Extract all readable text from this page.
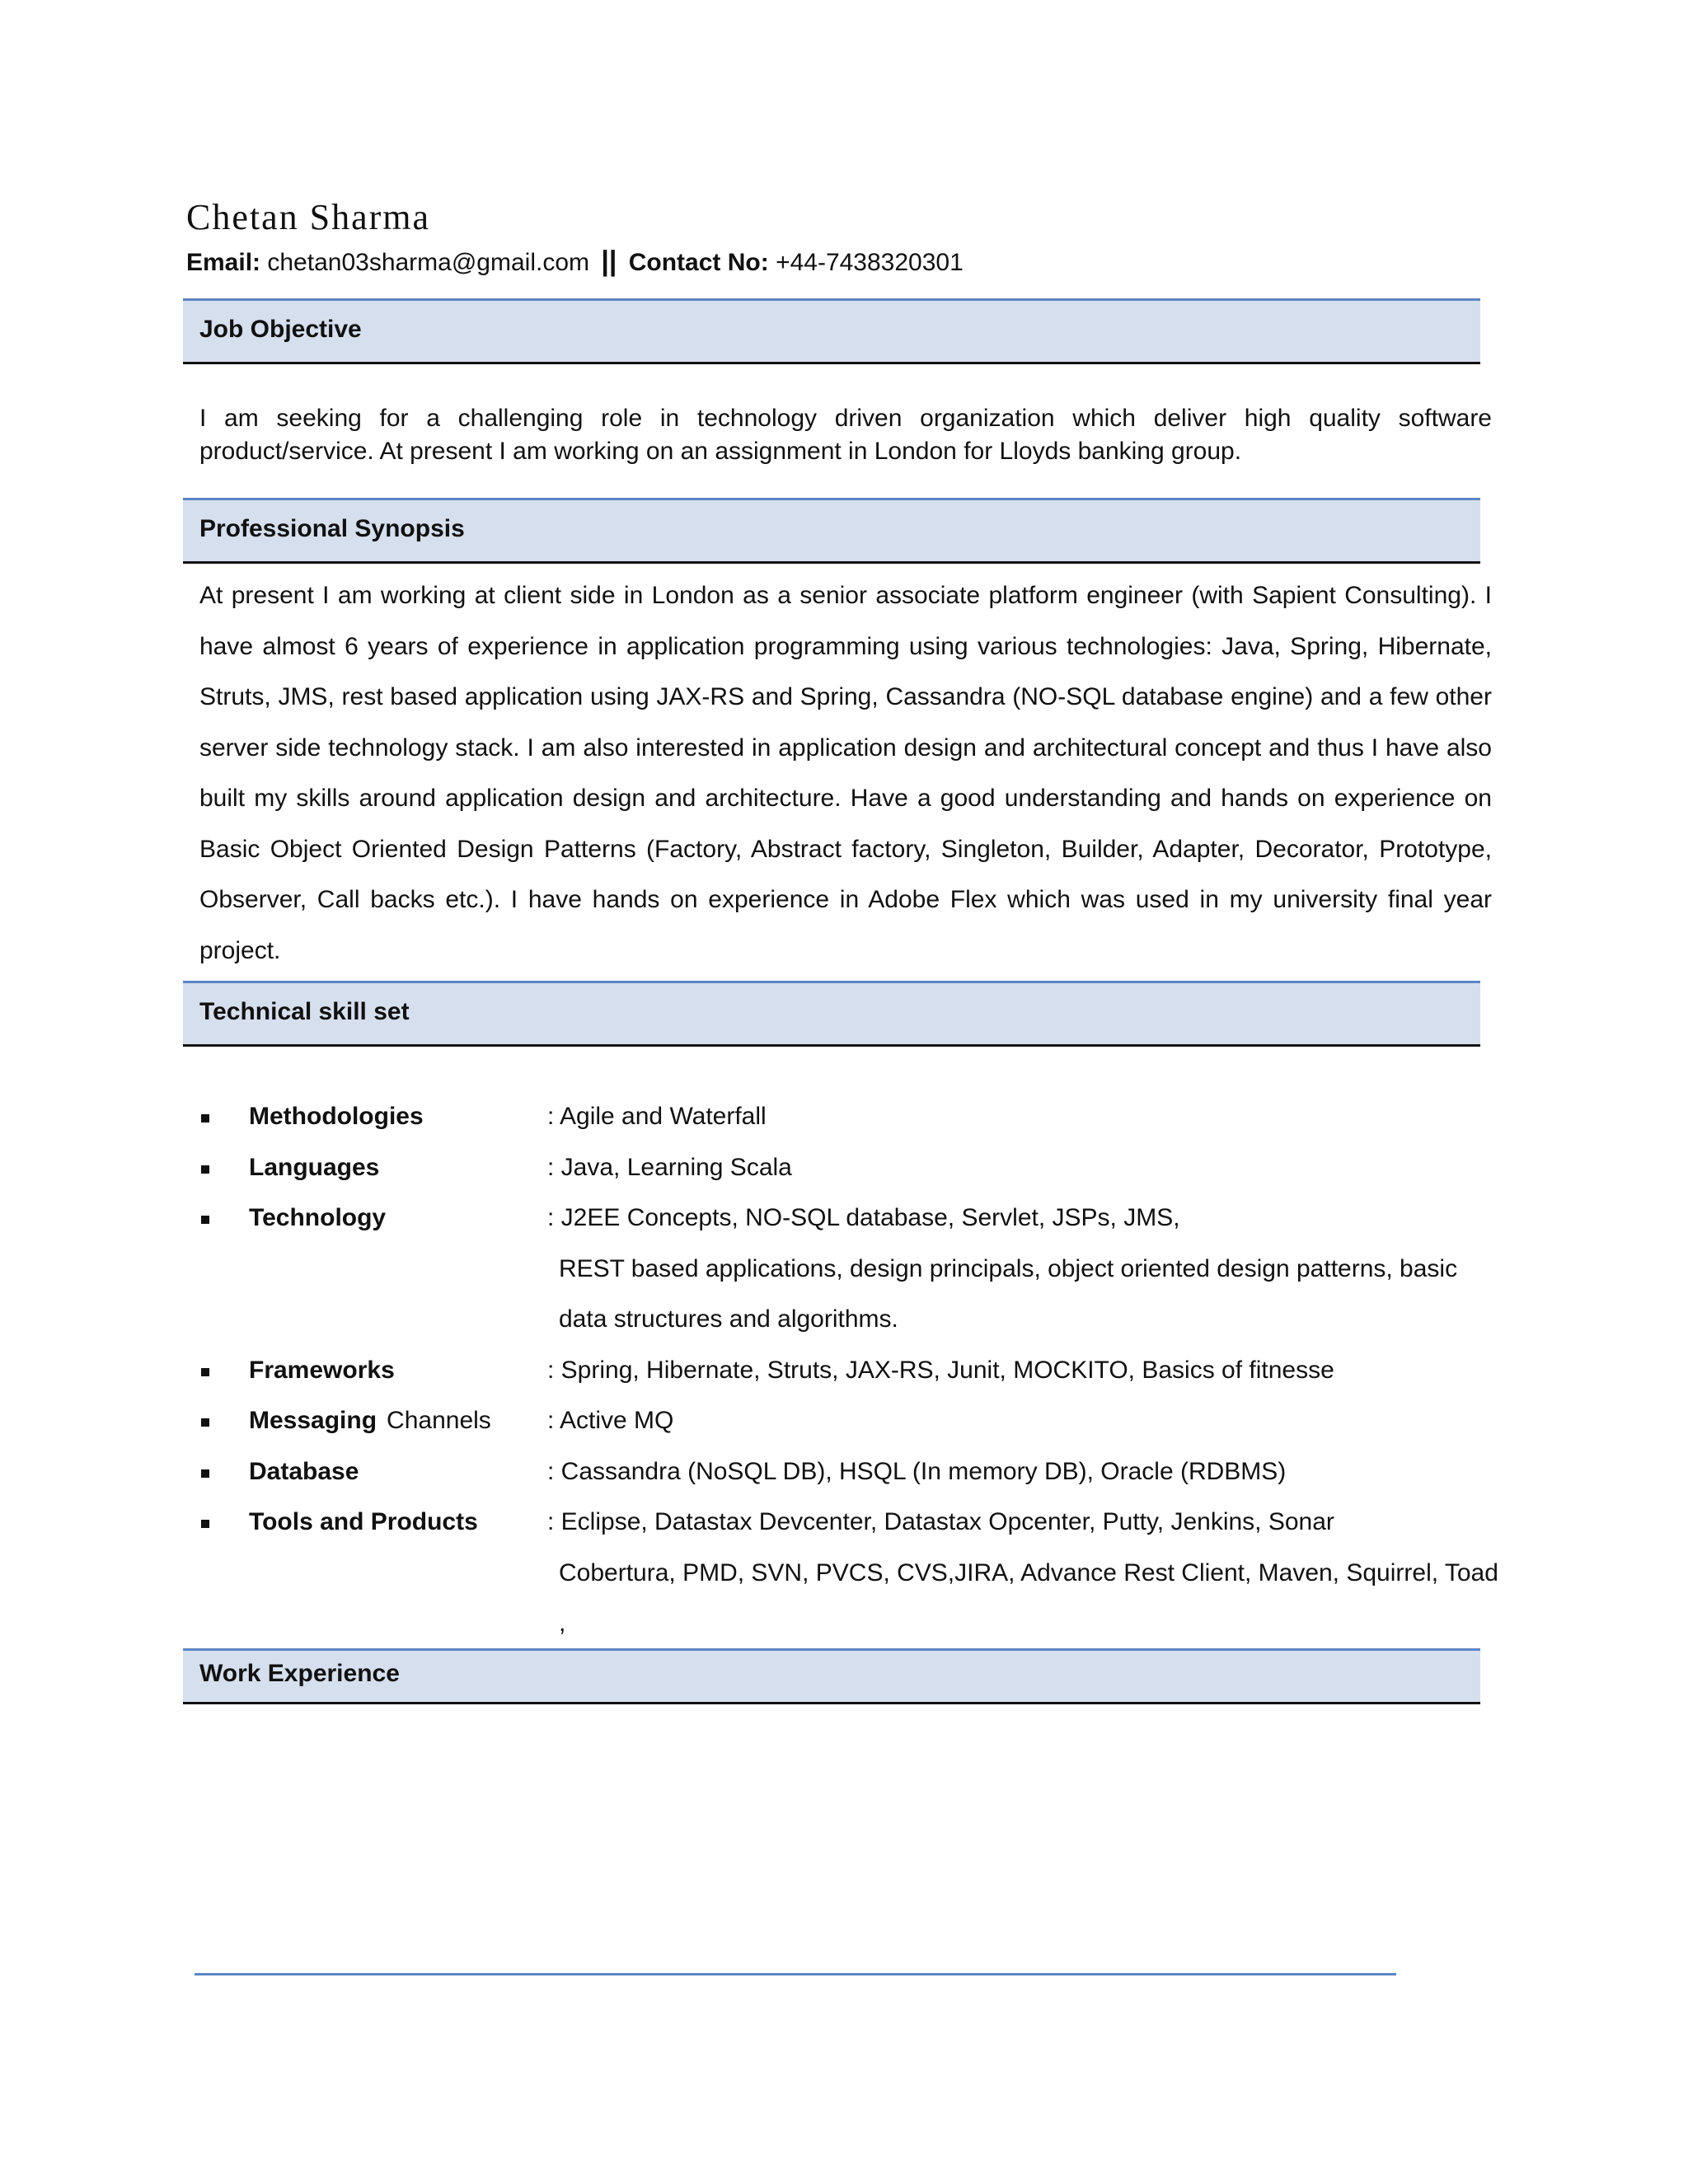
Chetan Sharma
Email: chetan03sharma@gmail.com || Contact No: +44-7438320301
Job Objective
I am seeking for a challenging role in technology driven organization which deliver high quality software product/service. At present I am working on an assignment in London for Lloyds banking group.
Professional Synopsis
At present I am working at client side in London as a senior associate platform engineer (with Sapient Consulting). I have almost 6 years of experience in application programming using various technologies: Java, Spring, Hibernate, Struts, JMS, rest based application using JAX-RS and Spring, Cassandra (NO-SQL database engine) and a few other server side technology stack. I am also interested in application design and architectural concept and thus I have also built my skills around application design and architecture. Have a good understanding and hands on experience on Basic Object Oriented Design Patterns (Factory, Abstract factory, Singleton, Builder, Adapter, Decorator, Prototype, Observer, Call backs etc.). I have hands on experience in Adobe Flex which was used in my university final year project.
Technical skill set
Methodologies	: Agile and Waterfall
Languages	: Java, Learning Scala
Technology	: J2EE Concepts, NO-SQL database, Servlet, JSPs, JMS,
REST based applications, design principals, object oriented design patterns, basic
data structures and algorithms.
Frameworks	: Spring, Hibernate, Struts, JAX-RS, Junit, MOCKITO, Basics of fitnesse
Messaging Channels : Active MQ
Database	: Cassandra (NoSQL DB), HSQL (In memory DB), Oracle (RDBMS)
Tools and Products	: Eclipse, Datastax Devcenter, Datastax Opcenter, Putty, Jenkins, Sonar
Cobertura, PMD, SVN, PVCS, CVS,JIRA, Advance Rest Client, Maven, Squirrel, Toad ,
Work Experience
